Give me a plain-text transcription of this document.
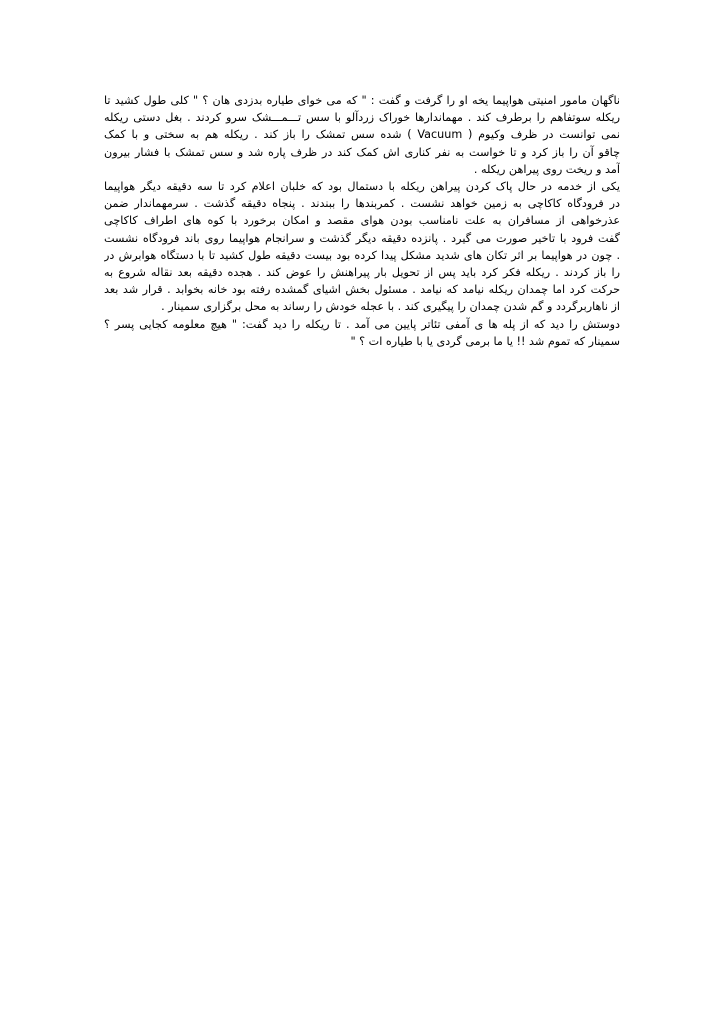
ناگهان مامور امنیتی هواپیما یخه او را گرفت و گفت : " كه می خوای طیاره بدزدی هان ؟ " كلی طول كشید تا
ریكله سوتفاهم را برطرف كند . مهماندارها خوراک زردآلو با سس تـــمـــشک سرو كردند . بغل دستی ریكله
نمی توانست در ظرف وكیوم ( Vacuum ) شده سس تمشک را باز كند . ریكله هم به سختی و با كمک
چاقو آن را باز كرد و تا خواست به نفر كناری اش كمک كند در ظرف پاره شد و سس تمشک با فشار بیرون
آمد و ریخت روی پیراهن ریكله .
یكی از خدمه در حال پاک كردن پیراهن ریكله با دستمال بود كه خلبان اعلام كرد تا سه دقیقه دیگر هواپیما
در فرودگاه كاكاچی به زمین خواهد نشست . كمربندها را ببندند . پنجاه دقیقه گذشت . سرمهماندار ضمن
عذرخواهی از مسافران به علت نامناسب بودن هوای مقصد و امكان برخورد با كوه های اطراف كاكاچی
گفت فرود با تاخیر صورت می گیرد . پانزده دقیقه دیگر گذشت و سرانجام هواپیما روی باند فرودگاه نشست
. چون در هواپیما بر اثر تكان های شدید مشكل پیدا كرده بود بیست دقیقه طول كشید تا با دستگاه هوابرش در
را باز كردند . ریكله فكر كرد باید پس از تحویل بار پیراهنش را عوض كند . هجده دقیقه بعد نقاله شروع به
حركت كرد اما چمدان ریكله نیامد كه نیامد . مسئول بخش اشیای گمشده رفته بود خانه بخوابد . قرار شد بعد
از ناهاربرگردد و گم شدن چمدان را پیگیری كند . با عجله خودش را رساند به محل برگزاری سمینار .
دوستش را دید كه از پله ها ی آمفی تئاتر پایین می آمد . تا ریكله را دید گفت: " هیچ معلومه كجایی پسر ؟
سمینار كه تموم شد !! یا ما برمی گردی یا با طیاره ات ؟ "
